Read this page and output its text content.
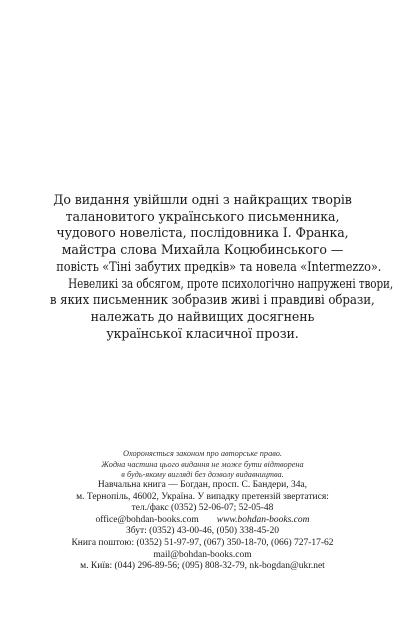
До видання увійшли одні з найкращих творів
талановитого українського письменника,
чудового новеліста, послідовника І. Франка,
майстра слова Михайла Коцюбинського —
повість «Тіні забутих предків» та новела «Intermezzo».
Невеликі за обсягом, проте психологічно напружені твори,
в яких письменник зобразив живі і правдиві образи,
належать до найвищих досягнень
української класичної прози.
Охороняється законом про авторське право.
Жодна частина цього видання не може бути відтворена
в будь-якому вигляді без дозволу видавництва.
Навчальна книга — Богдан, просп. С. Бандери, 34а,
м. Тернопіль, 46002, Україна. У випадку претензій звертатися:
тел./факс (0352) 52-06-07; 52-05-48
office@bohdan-books.com www.bohdan-books.com
Збут: (0352) 43-00-46, (050) 338-45-20
Книга поштою: (0352) 51-97-97, (067) 350-18-70, (066) 727-17-62
mail@bohdan-books.com
м. Київ: (044) 296-89-56; (095) 808-32-79, nk-bogdan@ukr.net
